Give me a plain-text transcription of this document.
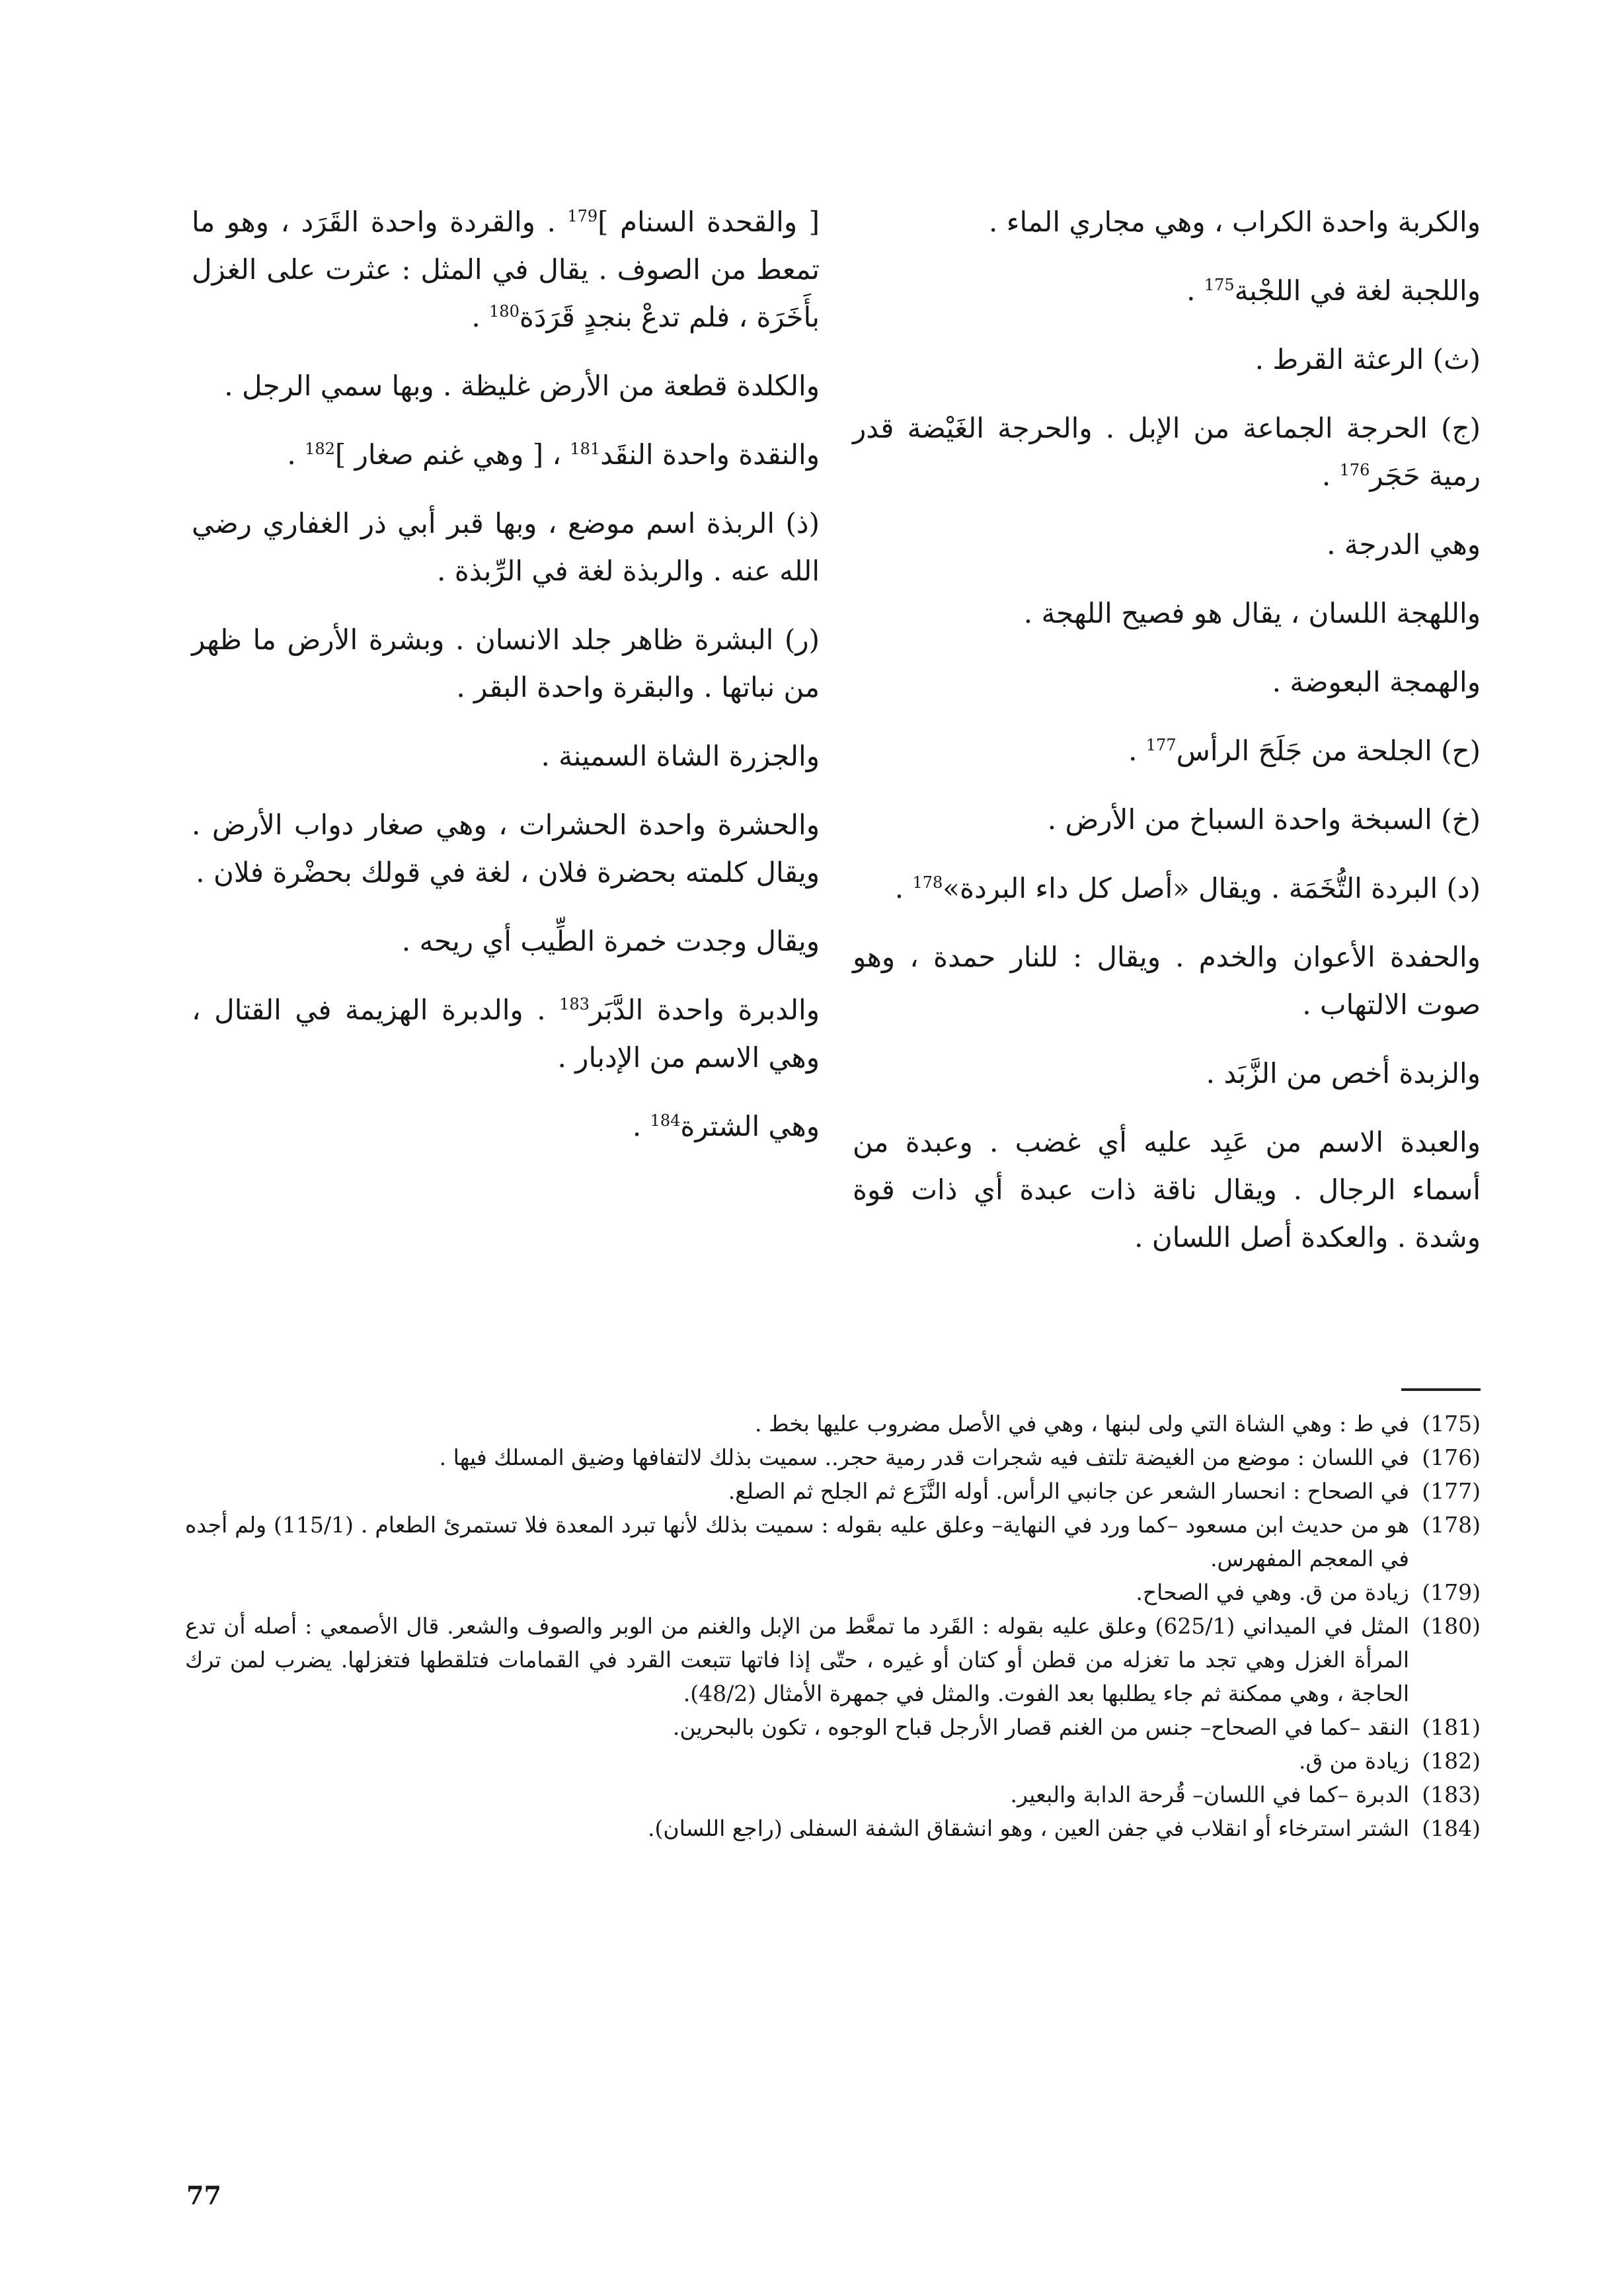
والكربة واحدة الكراب ، وهي مجاري الماء .

واللجبة لغة في اللجْبة$^{175}$ .

(ث) الرعثة القرط .

(ج) الحرجة الجماعة من الإبل . والحرجة الغَيْضة قدر رمية حَجَر$^{176}$ .

وهي الدرجة .

واللهجة اللسان ، يقال هو فصيح اللهجة .

والهمجة البعوضة .

(ح) الجلحة من جَلَحَ الرأس$^{177}$ .

(خ) السبخة واحدة السباخ من الأرض .

(د) البردة التُّخَمَة . ويقال «أصل كل داء البردة»$^{178}$ .

والحفدة الأعوان والخدم . ويقال : للنار حمدة ، وهو صوت الالتهاب .

والزبدة أخص من الزَّبَد .

والعبدة الاسم من عَبِد عليه أي غضب . وعبدة من أسماء الرجال . ويقال ناقة ذات عبدة أي ذات قوة وشدة . والعكدة أصل اللسان .

[ والقحدة السنام ]$^{179}$ . والقردة واحدة القَرَد ، وهو ما تمعط من الصوف . يقال في المثل : عثرت على الغزل بأَخَرَة ، فلم تدعْ بنجدٍ قَرَدَة$^{180}$ .

والكلدة قطعة من الأرض غليظة . وبها سمي الرجل .

والنقدة واحدة النقَد$^{181}$ ، [ وهي غنم صغار ]$^{182}$ .

(ذ) الربذة اسم موضع ، وبها قبر أبي ذر الغفاري رضي الله عنه . والربذة لغة في الرِّبذة .

(ر) البشرة ظاهر جلد الانسان . وبشرة الأرض ما ظهر من نباتها . والبقرة واحدة البقر .

والجزرة الشاة السمينة .

والحشرة واحدة الحشرات ، وهي صغار دواب الأرض . ويقال كلمته بحضرة فلان ، لغة في قولك بحضْرة فلان .

ويقال وجدت خمرة الطِّيب أي ريحه .

والدبرة واحدة الدَّبَر$^{183}$ . والدبرة الهزيمة في القتال ، وهي الاسم من الإدبار .

وهي الشترة$^{184}$ .

(175)
في ط : وهي الشاة التي ولى لبنها ، وهي في الأصل مضروب عليها بخط .
(176)
في اللسان : موضع من الغيضة تلتف فيه شجرات قدر رمية حجر.. سميت بذلك لالتفافها وضيق المسلك فيها .
(177)
في الصحاح : انحسار الشعر عن جانبي الرأس. أوله النَّزَع ثم الجلح ثم الصلع.
(178)
هو من حديث ابن مسعود –كما ورد في النهاية– وعلق عليه بقوله : سميت بذلك لأنها تبرد المعدة فلا تستمرئ الطعام . (115/1) ولم أجده في المعجم المفهرس.
(179)
زيادة من ق. وهي في الصحاح.
(180)
المثل في الميداني (625/1) وعلق عليه بقوله : القَرد ما تمعَّط من الإبل والغنم من الوبر والصوف والشعر. قال الأصمعي : أصله أن تدع المرأة الغزل وهي تجد ما تغزله من قطن أو كتان أو غيره ، حتّى إذا فاتها تتبعت القرد في القمامات فتلقطها فتغزلها. يضرب لمن ترك الحاجة ، وهي ممكنة ثم جاء يطلبها بعد الفوت. والمثل في جمهرة الأمثال (48/2).
(181)
النقد –كما في الصحاح– جنس من الغنم قصار الأرجل قباح الوجوه ، تكون بالبحرين.
(182)
زيادة من ق.
(183)
الدبرة –كما في اللسان– قُرحة الدابة والبعير.
(184)
الشتر استرخاء أو انقلاب في جفن العين ، وهو انشقاق الشفة السفلى (راجع اللسان).
77
